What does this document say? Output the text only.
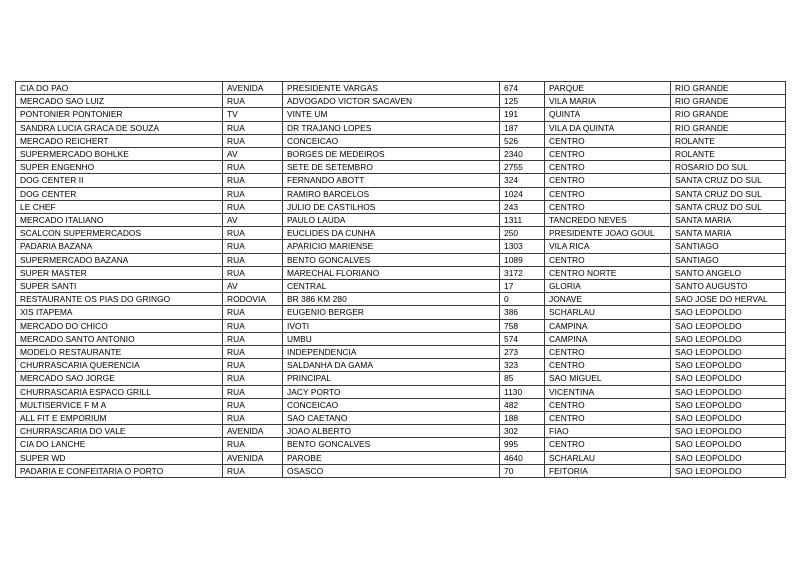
CIA DO PAO	AVENIDA	PRESIDENTE VARGAS	674	PARQUE	RIO GRANDE
MERCADO SAO LUIZ	RUA	ADVOGADO VICTOR SACAVEN	125	VILA MARIA	RIO GRANDE
PONTONIER PONTONIER	TV	VINTE UM	191	QUINTA	RIO GRANDE
SANDRA LUCIA GRACA DE SOUZA	RUA	DR TRAJANO LOPES	187	VILA DA QUINTA	RIO GRANDE
MERCADO REICHERT	RUA	CONCEICAO	526	CENTRO	ROLANTE
SUPERMERCADO BOHLKE	AV	BORGES DE MEDEIROS	2340	CENTRO	ROLANTE
SUPER ENGENHO	RUA	SETE DE SETEMBRO	2755	CENTRO	ROSARIO DO SUL
DOG CENTER II	RUA	FERNANDO ABOTT	324	CENTRO	SANTA CRUZ DO SUL
DOG CENTER	RUA	RAMIRO BARCELOS	1024	CENTRO	SANTA CRUZ DO SUL
LE CHEF	RUA	JULIO DE CASTILHOS	243	CENTRO	SANTA CRUZ DO SUL
MERCADO ITALIANO	AV	PAULO LAUDA	1311	TANCREDO NEVES	SANTA MARIA
SCALCON SUPERMERCADOS	RUA	EUCLIDES DA CUNHA	250	PRESIDENTE JOAO GOUL	SANTA MARIA
PADARIA BAZANA	RUA	APARICIO MARIENSE	1303	VILA RICA	SANTIAGO
SUPERMERCADO BAZANA	RUA	BENTO GONCALVES	1089	CENTRO	SANTIAGO
SUPER MASTER	RUA	MARECHAL FLORIANO	3172	CENTRO NORTE	SANTO ANGELO
SUPER SANTI	AV	CENTRAL	17	GLORIA	SANTO AUGUSTO
RESTAURANTE OS PIAS DO GRINGO	RODOVIA	BR 386 KM 280	0	JONAVE	SAO JOSE DO HERVAL
XIS ITAPEMA	RUA	EUGENIO BERGER	386	SCHARLAU	SAO LEOPOLDO
MERCADO DO CHICO	RUA	IVOTI	758	CAMPINA	SAO LEOPOLDO
MERCADO SANTO ANTONIO	RUA	UMBU	574	CAMPINA	SAO LEOPOLDO
MODELO RESTAURANTE	RUA	INDEPENDENCIA	273	CENTRO	SAO LEOPOLDO
CHURRASCARIA QUERENCIA	RUA	SALDANHA DA GAMA	323	CENTRO	SAO LEOPOLDO
MERCADO SAO JORGE	RUA	PRINCIPAL	85	SAO MIGUEL	SAO LEOPOLDO
CHURRASCARIA ESPACO GRILL	RUA	JACY PORTO	1130	VICENTINA	SAO LEOPOLDO
MULTISERVICE F M A	RUA	CONCEICAO	482	CENTRO	SAO LEOPOLDO
ALL FIT E EMPORIUM	RUA	SAO CAETANO	188	CENTRO	SAO LEOPOLDO
CHURRASCARIA DO VALE	AVENIDA	JOAO ALBERTO	302	FIAO	SAO LEOPOLDO
CIA DO LANCHE	RUA	BENTO GONCALVES	995	CENTRO	SAO LEOPOLDO
SUPER WD	AVENIDA	PAROBE	4640	SCHARLAU	SAO LEOPOLDO
PADARIA E CONFEITARIA O PORTO	RUA	OSASCO	70	FEITORIA	SAO LEOPOLDO
